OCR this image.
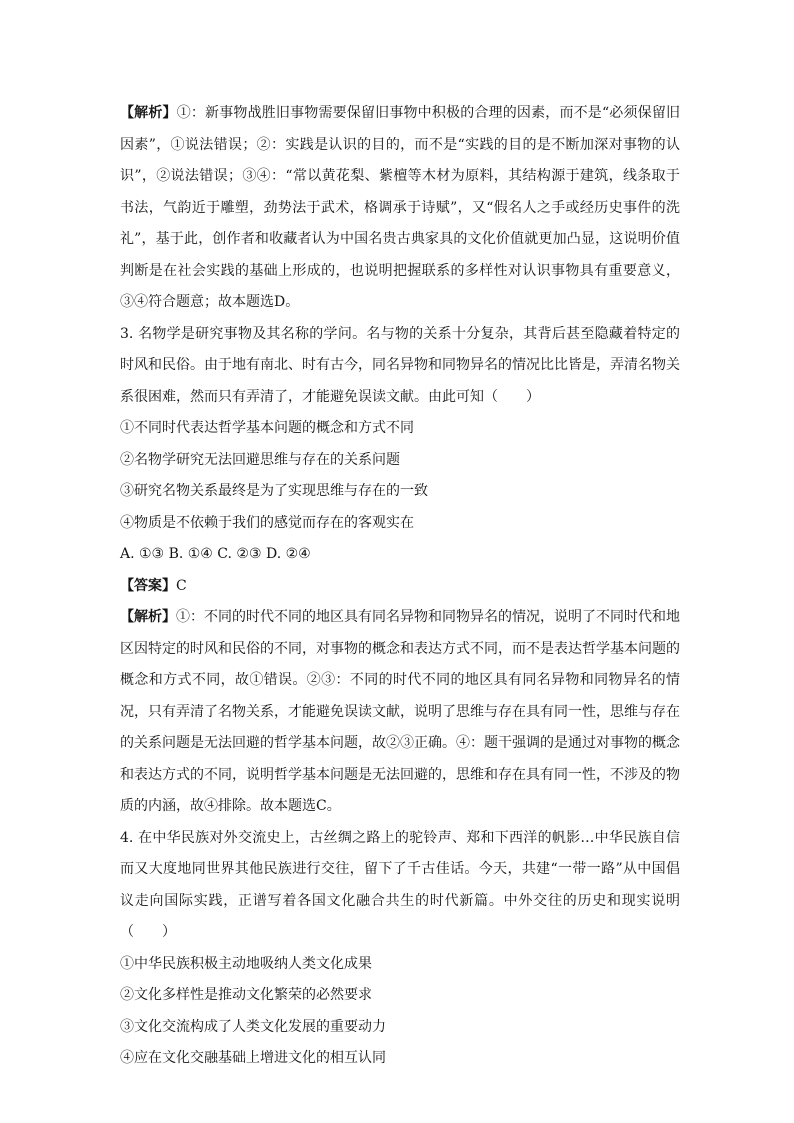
【解析】①：新事物战胜旧事物需要保留旧事物中积极的合理的因素，而不是“必须保留旧因素”，①说法错误；②：实践是认识的目的，而不是“实践的目的是不断加深对事物的认识”，②说法错误；③④：“常以黄花梨、紫檀等木材为原料，其结构源于建筑，线条取于书法，气韵近于雕塑，劲势法于武术，格调承于诗赋”，又“假名人之手或经历史事件的洗礼”，基于此，创作者和收藏者认为中国名贵古典家具的文化价值就更加凸显，这说明价值判断是在社会实践的基础上形成的，也说明把握联系的多样性对认识事物具有重要意义，③④符合题意；故本题选D。

3. 名物学是研究事物及其名称的学问。名与物的关系十分复杂，其背后甚至隐藏着特定的时风和民俗。由于地有南北、时有古今，同名异物和同物异名的情况比比皆是，弄清名物关系很困难，然而只有弄清了，才能避免误读文献。由此可知（　　）

①不同时代表达哲学基本问题的概念和方式不同

②名物学研究无法回避思维与存在的关系问题

③研究名物关系最终是为了实现思维与存在的一致

④物质是不依赖于我们的感觉而存在的客观实在

A. ①③ B. ①④ C. ②③ D. ②④

【答案】C

【解析】①：不同的时代不同的地区具有同名异物和同物异名的情况，说明了不同时代和地区因特定的时风和民俗的不同，对事物的概念和表达方式不同，而不是表达哲学基本问题的概念和方式不同，故①错误。②③：不同的时代不同的地区具有同名异物和同物异名的情况，只有弄清了名物关系，才能避免误读文献，说明了思维与存在具有同一性，思维与存在的关系问题是无法回避的哲学基本问题，故②③正确。④：题干强调的是通过对事物的概念和表达方式的不同，说明哲学基本问题是无法回避的，思维和存在具有同一性，不涉及的物质的内涵，故④排除。故本题选C。

4. 在中华民族对外交流史上，古丝绸之路上的驼铃声、郑和下西洋的帆影…中华民族自信而又大度地同世界其他民族进行交往，留下了千古佳话。今天，共建“一带一路”从中国倡议走向国际实践，正谱写着各国文化融合共生的时代新篇。中外交往的历史和现实说明（　　）

①中华民族积极主动地吸纳人类文化成果

②文化多样性是推动文化繁荣的必然要求

③文化交流构成了人类文化发展的重要动力

④应在文化交融基础上增进文化的相互认同
